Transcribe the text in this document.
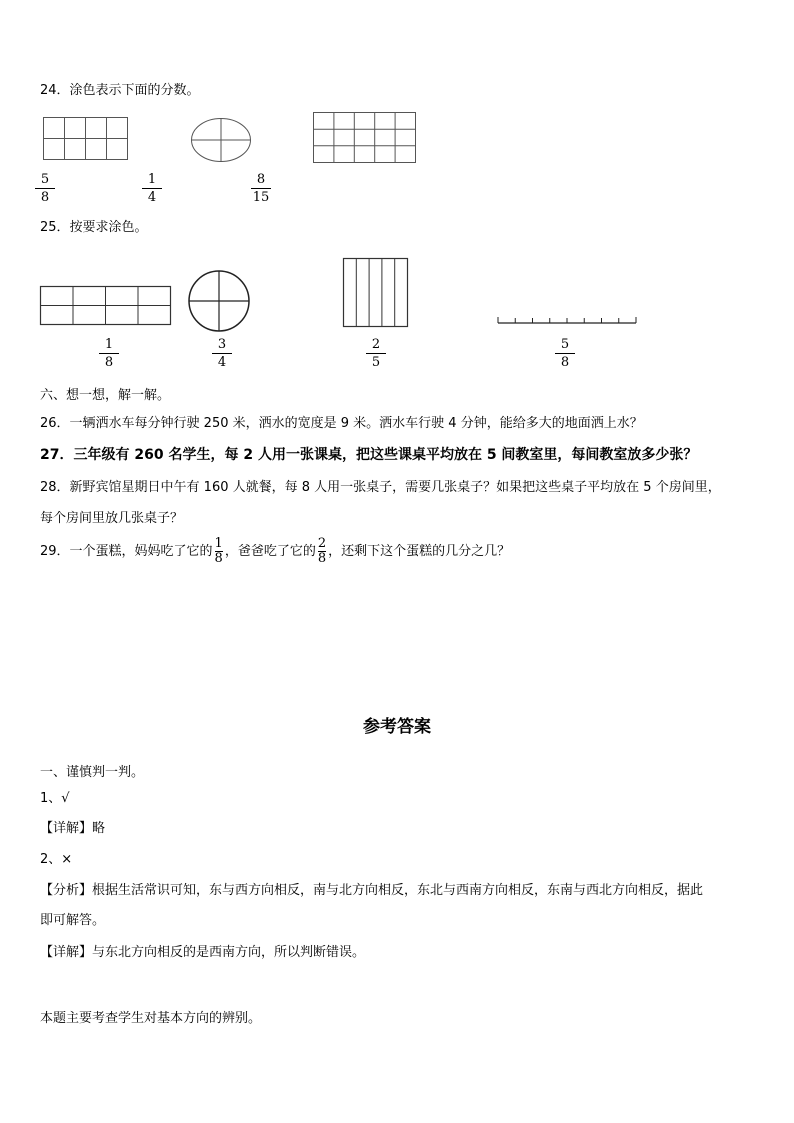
24．涂色表示下面的分数。
5
8
1
4
8
15
25．按要求涂色。
1
8
3
4
2
5
5
8
六、想一想，解一解。
26．一辆洒水车每分钟行驶 250 米，洒水的宽度是 9 米。洒水车行驶 4 分钟，能给多大的地面洒上水？
27．三年级有 260 名学生，每 2 人用一张课桌，把这些课桌平均放在 5 间教室里，每间教室放多少张？
28．新野宾馆星期日中午有 160 人就餐，每 8 人用一张桌子，需要几张桌子？如果把这些桌子平均放在 5 个房间里，
每个房间里放几张桌子？
29．一个蛋糕，妈妈吃了它的 $\frac{1}{8}$ ，爸爸吃了它的 $\frac{2}{8}$ ，还剩下这个蛋糕的几分之几？
参考答案
一、谨慎判一判。
1、√
【详解】略
2、×
【分析】根据生活常识可知，东与西方向相反，南与北方向相反，东北与西南方向相反，东南与西北方向相反，据此
即可解答。
【详解】与东北方向相反的是西南方向，所以判断错误。
本题主要考查学生对基本方向的辨别。
